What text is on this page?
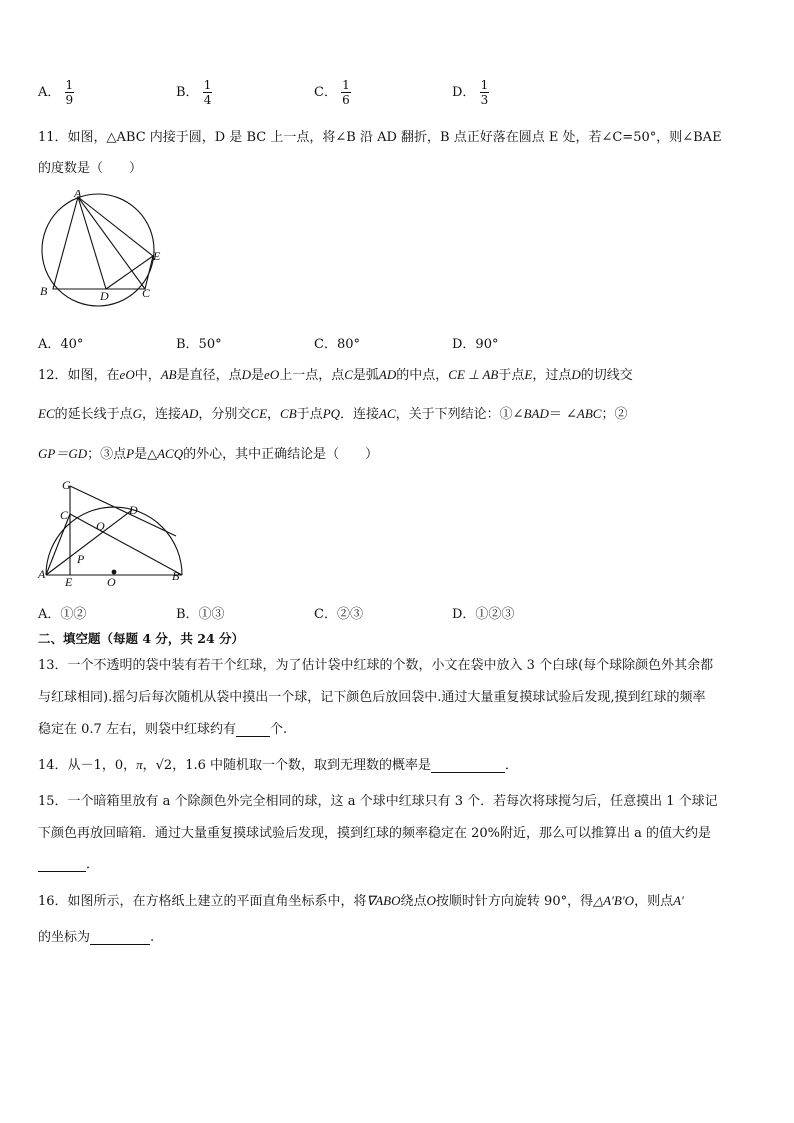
A． $\frac{1}{9}$	B． $\frac{1}{4}$	C． $\frac{1}{6}$	D． $\frac{1}{3}$
11．如图，△ABC 内接于圆，D 是 BC 上一点，将∠B 沿 AD 翻折，B 点正好落在圆点 E 处，若∠C=50°，则∠BAE
的度数是（　　）
A
B	D	C
E
A．40°	B．50°	C．80°	D．90°
12．如图，在eO中，AB是直径，点D是eO上一点，点C是弧AD的中点，CE ⊥ AB于点E，过点D的切线交
EC的延长线于点G，连接AD，分别交CE，CB于点PQ．连接AC，关于下列结论：①∠BAD＝ ∠ABC；②
GP＝GD；③点P是△ACQ的外心，其中正确结论是（　　）
G
C	D
Q
P
A
E	O	B
A．①②	B．①③	C．②③	D．①②③
二、填空题（每题 4 分，共 24 分）
13．一个不透明的袋中装有若干个红球，为了估计袋中红球的个数，小文在袋中放入 3 个白球(每个球除颜色外其余都
与红球相同).摇匀后每次随机从袋中摸出一个球，记下颜色后放回袋中.通过大量重复摸球试验后发现,摸到红球的频率
稳定在 0.7 左右，则袋中红球约有	个.
14．从－1，0，π，√2，1.6 中随机取一个数，取到无理数的概率是	．
15．一个暗箱里放有 a 个除颜色外完全相同的球，这 a 个球中红球只有 3 个．若每次将球搅匀后，任意摸出 1 个球记
下颜色再放回暗箱．通过大量重复摸球试验后发现，摸到红球的频率稳定在 20%附近，那么可以推算出 a 的值大约是
．
16．如图所示，在方格纸上建立的平面直角坐标系中，将∇ABO绕点O按顺时针方向旋转 90°，得△A′B′O，则点A′
的坐标为	.
